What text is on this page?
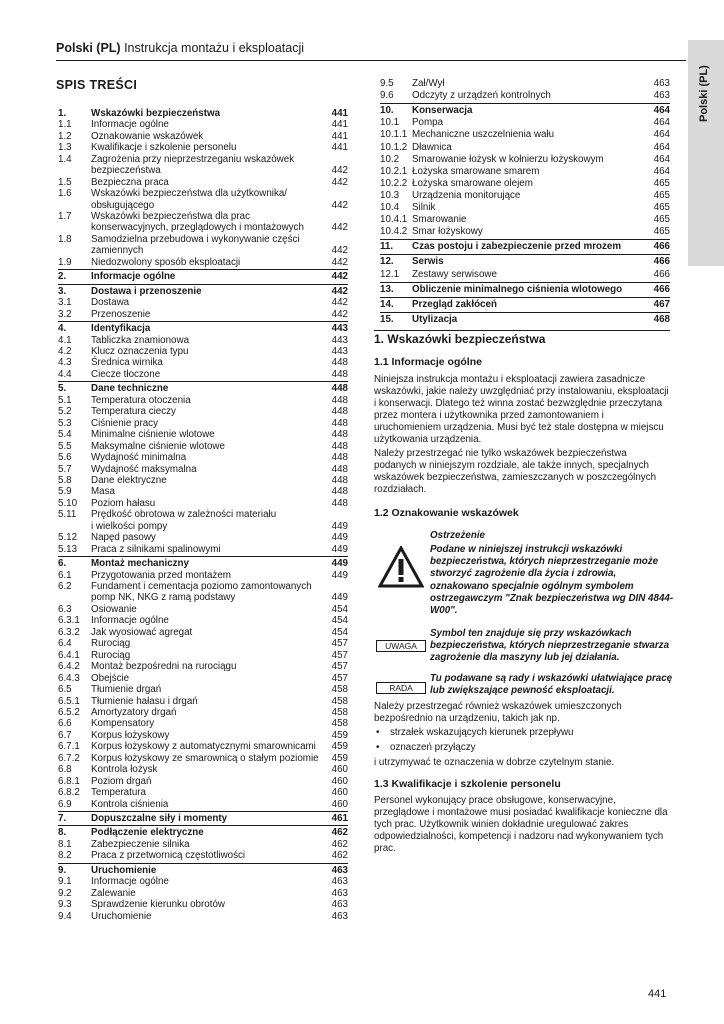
Polski (PL) Instrukcja montażu i eksploatacji
Polski (PL)
SPIS TREŚCI
1.	Wskazówki bezpieczeństwa	441
1.1 Informacje ogólne	441
1.2 Oznakowanie wskazówek	441
1.3 Kwalifikacje i szkolenie personelu	441
1.4 Zagrożenia przy nieprzestrzeganiu wskazówek
bezpieczeństwa	442
1.5 Bezpieczna praca	442
1.6 Wskazówki bezpieczeństwa dla użytkownika/
obsługującego	442
1.7 Wskazówki bezpieczeństwa dla prac
konserwacyjnych, przeglądowych i montażowych	442
1.8 Samodzielna przebudowa i wykonywanie części
zamiennych	442
1.9 Niedozwolony sposób eksploatacji	442
2.	Informacje ogólne	442
3.	Dostawa i przenoszenie	442
3.1 Dostawa	442
3.2 Przenoszenie	442
4.	Identyfikacja	443
4.1 Tabliczka znamionowa	443
4.2 Klucz oznaczenia typu	443
4.3 Średnica wirnika	448
4.4 Ciecze tłoczone	448
5.	Dane techniczne	448
5.1 Temperatura otoczenia	448
5.2 Temperatura cieczy	448
5.3 Ciśnienie pracy	448
5.4 Minimalne ciśnienie wlotowe	448
5.5 Maksymalne ciśnienie wlotowe	448
5.6 Wydajność minimalna	448
5.7 Wydajność maksymalna	448
5.8 Dane elektryczne	448
5.9 Masa	448
5.10 Poziom hałasu	448
5.11 Prędkość obrotowa w zależności materiału
i wielkości pompy	449
5.12 Napęd pasowy	449
5.13 Praca z silnikami spalinowymi	449
6.	Montaż mechaniczny	449
6.1 Przygotowania przed montażem	449
6.2 Fundament i cementacja poziomo zamontowanych
pomp NK, NKG z ramą podstawy	449
6.3 Osiowanie	454
6.3.1 Informacje ogólne	454
6.3.2 Jak wyosiować agregat	454
6.4 Rurociąg	457
6.4.1 Rurociąg	457
6.4.2 Montaż bezpośredni na rurociągu	457
6.4.3 Obejście	457
6.5 Tłumienie drgań	458
6.5.1 Tłumienie hałasu i drgań	458
6.5.2 Amortyzatory drgań	458
6.6 Kompensatory	458
6.7 Korpus łożyskowy	459
6.7.1 Korpus łożyskowy z automatycznymi smarownicami 459
6.7.2 Korpus łożyskowy ze smarownicą o stałym poziomie 459
6.8 Kontrola łożysk	460
6.8.1 Poziom drgań	460
6.8.2 Temperatura	460
6.9 Kontrola ciśnienia	460
7.	Dopuszczalne siły i momenty	461
8.	Podłączenie elektryczne	462
8.1 Zabezpieczenie silnika	462
8.2 Praca z przetwornicą częstotliwości	462
9.	Uruchomienie	463
9.1 Informacje ogólne	463
9.2 Zalewanie	463
9.3 Sprawdzenie kierunku obrotów	463
9.4 Uruchomienie	463
9.5 Zał/Wył	463
9.6 Odczyty z urządzeń kontrolnych	463
10. Konserwacja	464
10.1 Pompa	464
10.1.1 Mechaniczne uszczelnienia wału	464
10.1.2 Dławnica	464
10.2 Smarowanie łożysk w kołnierzu łożyskowym	464
10.2.1 Łożyska smarowane smarem	464
10.2.2 Łożyska smarowane olejem	465
10.3 Urządzenia monitorujące	465
10.4 Silnik	465
10.4.1 Smarowanie	465
10.4.2 Smar łożyskowy	465
11. Czas postoju i zabezpieczenie przed mrozem	466
12. Serwis	466
12.1 Zestawy serwisowe	466
13. Obliczenie minimalnego ciśnienia wlotowego	466
14. Przegląd zakłóceń	467
15. Utylizacja	468
1. Wskazówki bezpieczeństwa
1.1 Informacje ogólne
Niniejsza instrukcja montażu i eksploatacji zawiera zasadnicze wskazówki, jakie należy uwzględniać przy instalowaniu, eksploatacji i konserwacji. Dlatego też winna zostać bezwzględnie przeczytana przez montera i użytkownika przed zamontowaniem i uruchomieniem urządzenia. Musi być też stale dostępna w miejscu użytkowania urządzenia.
Należy przestrzegać nie tylko wskazówek bezpieczeństwa podanych w niniejszym rozdziale, ale także innych, specjalnych wskazówek bezpieczeństwa, zamieszczanych w poszczególnych rozdziałach.
1.2 Oznakowanie wskazówek
Ostrzeżenie
Podane w niniejszej instrukcji wskazówki bezpieczeństwa, których nieprzestrzeganie może stworzyć zagrożenie dla życia i zdrowia, oznakowano specjalnie ogólnym symbolem ostrzegawczym "Znak bezpieczeństwa wg DIN 4844-W00".
UWAGA
Symbol ten znajduje się przy wskazówkach bezpieczeństwa, których nieprzestrzeganie stwarza zagrożenie dla maszyny lub jej działania.
RADA
Tu podawane są rady i wskazówki ułatwiające pracę lub zwiększające pewność eksploatacji.
Należy przestrzegać również wskazówek umieszczonych bezpośrednio na urządzeniu, takich jak np.
• strzałek wskazujących kierunek przepływu
• oznaczeń przyłączy
i utrzymywać te oznaczenia w dobrze czytelnym stanie.
1.3 Kwalifikacje i szkolenie personelu
Personel wykonujący prace obsługowe, konserwacyjne, przeglądowe i montażowe musi posiadać kwalifikacje konieczne dla tych prac. Użytkownik winien dokładnie uregulować zakres odpowiedzialności, kompetencji i nadzoru nad wykonywaniem tych prac.
441
